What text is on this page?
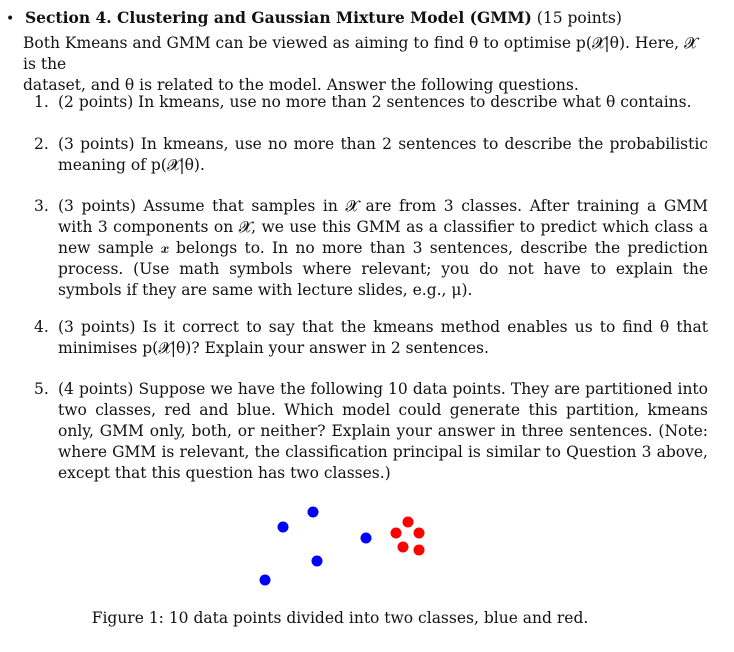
• Section 4. Clustering and Gaussian Mixture Model (GMM) (15 points)
Both Kmeans and GMM can be viewed as aiming to find θ to optimise p(𝓧|θ). Here, 𝓧 is the
dataset, and θ is related to the model. Answer the following questions.
1. (2 points) In kmeans, use no more than 2 sentences to describe what θ contains.
2. (3 points) In kmeans, use no more than 2 sentences to describe the probabilistic meaning of p(𝓧|θ).
3. (3 points) Assume that samples in 𝓧 are from 3 classes. After training a GMM with 3 components on 𝓧, we use this GMM as a classifier to predict which class a new sample 𝒙 belongs to. In no more than 3 sentences, describe the prediction process. (Use math symbols where relevant; you do not have to explain the symbols if they are same with lecture slides, e.g., μ).
4. (3 points) Is it correct to say that the kmeans method enables us to find θ that minimises p(𝓧|θ)? Explain your answer in 2 sentences.
5. (4 points) Suppose we have the following 10 data points. They are partitioned into two classes, red and blue. Which model could generate this partition, kmeans only, GMM only, both, or neither? Explain your answer in three sentences. (Note: where GMM is relevant, the classification principal is similar to Question 3 above, except that this question has two classes.)
Figure 1: 10 data points divided into two classes, blue and red.
